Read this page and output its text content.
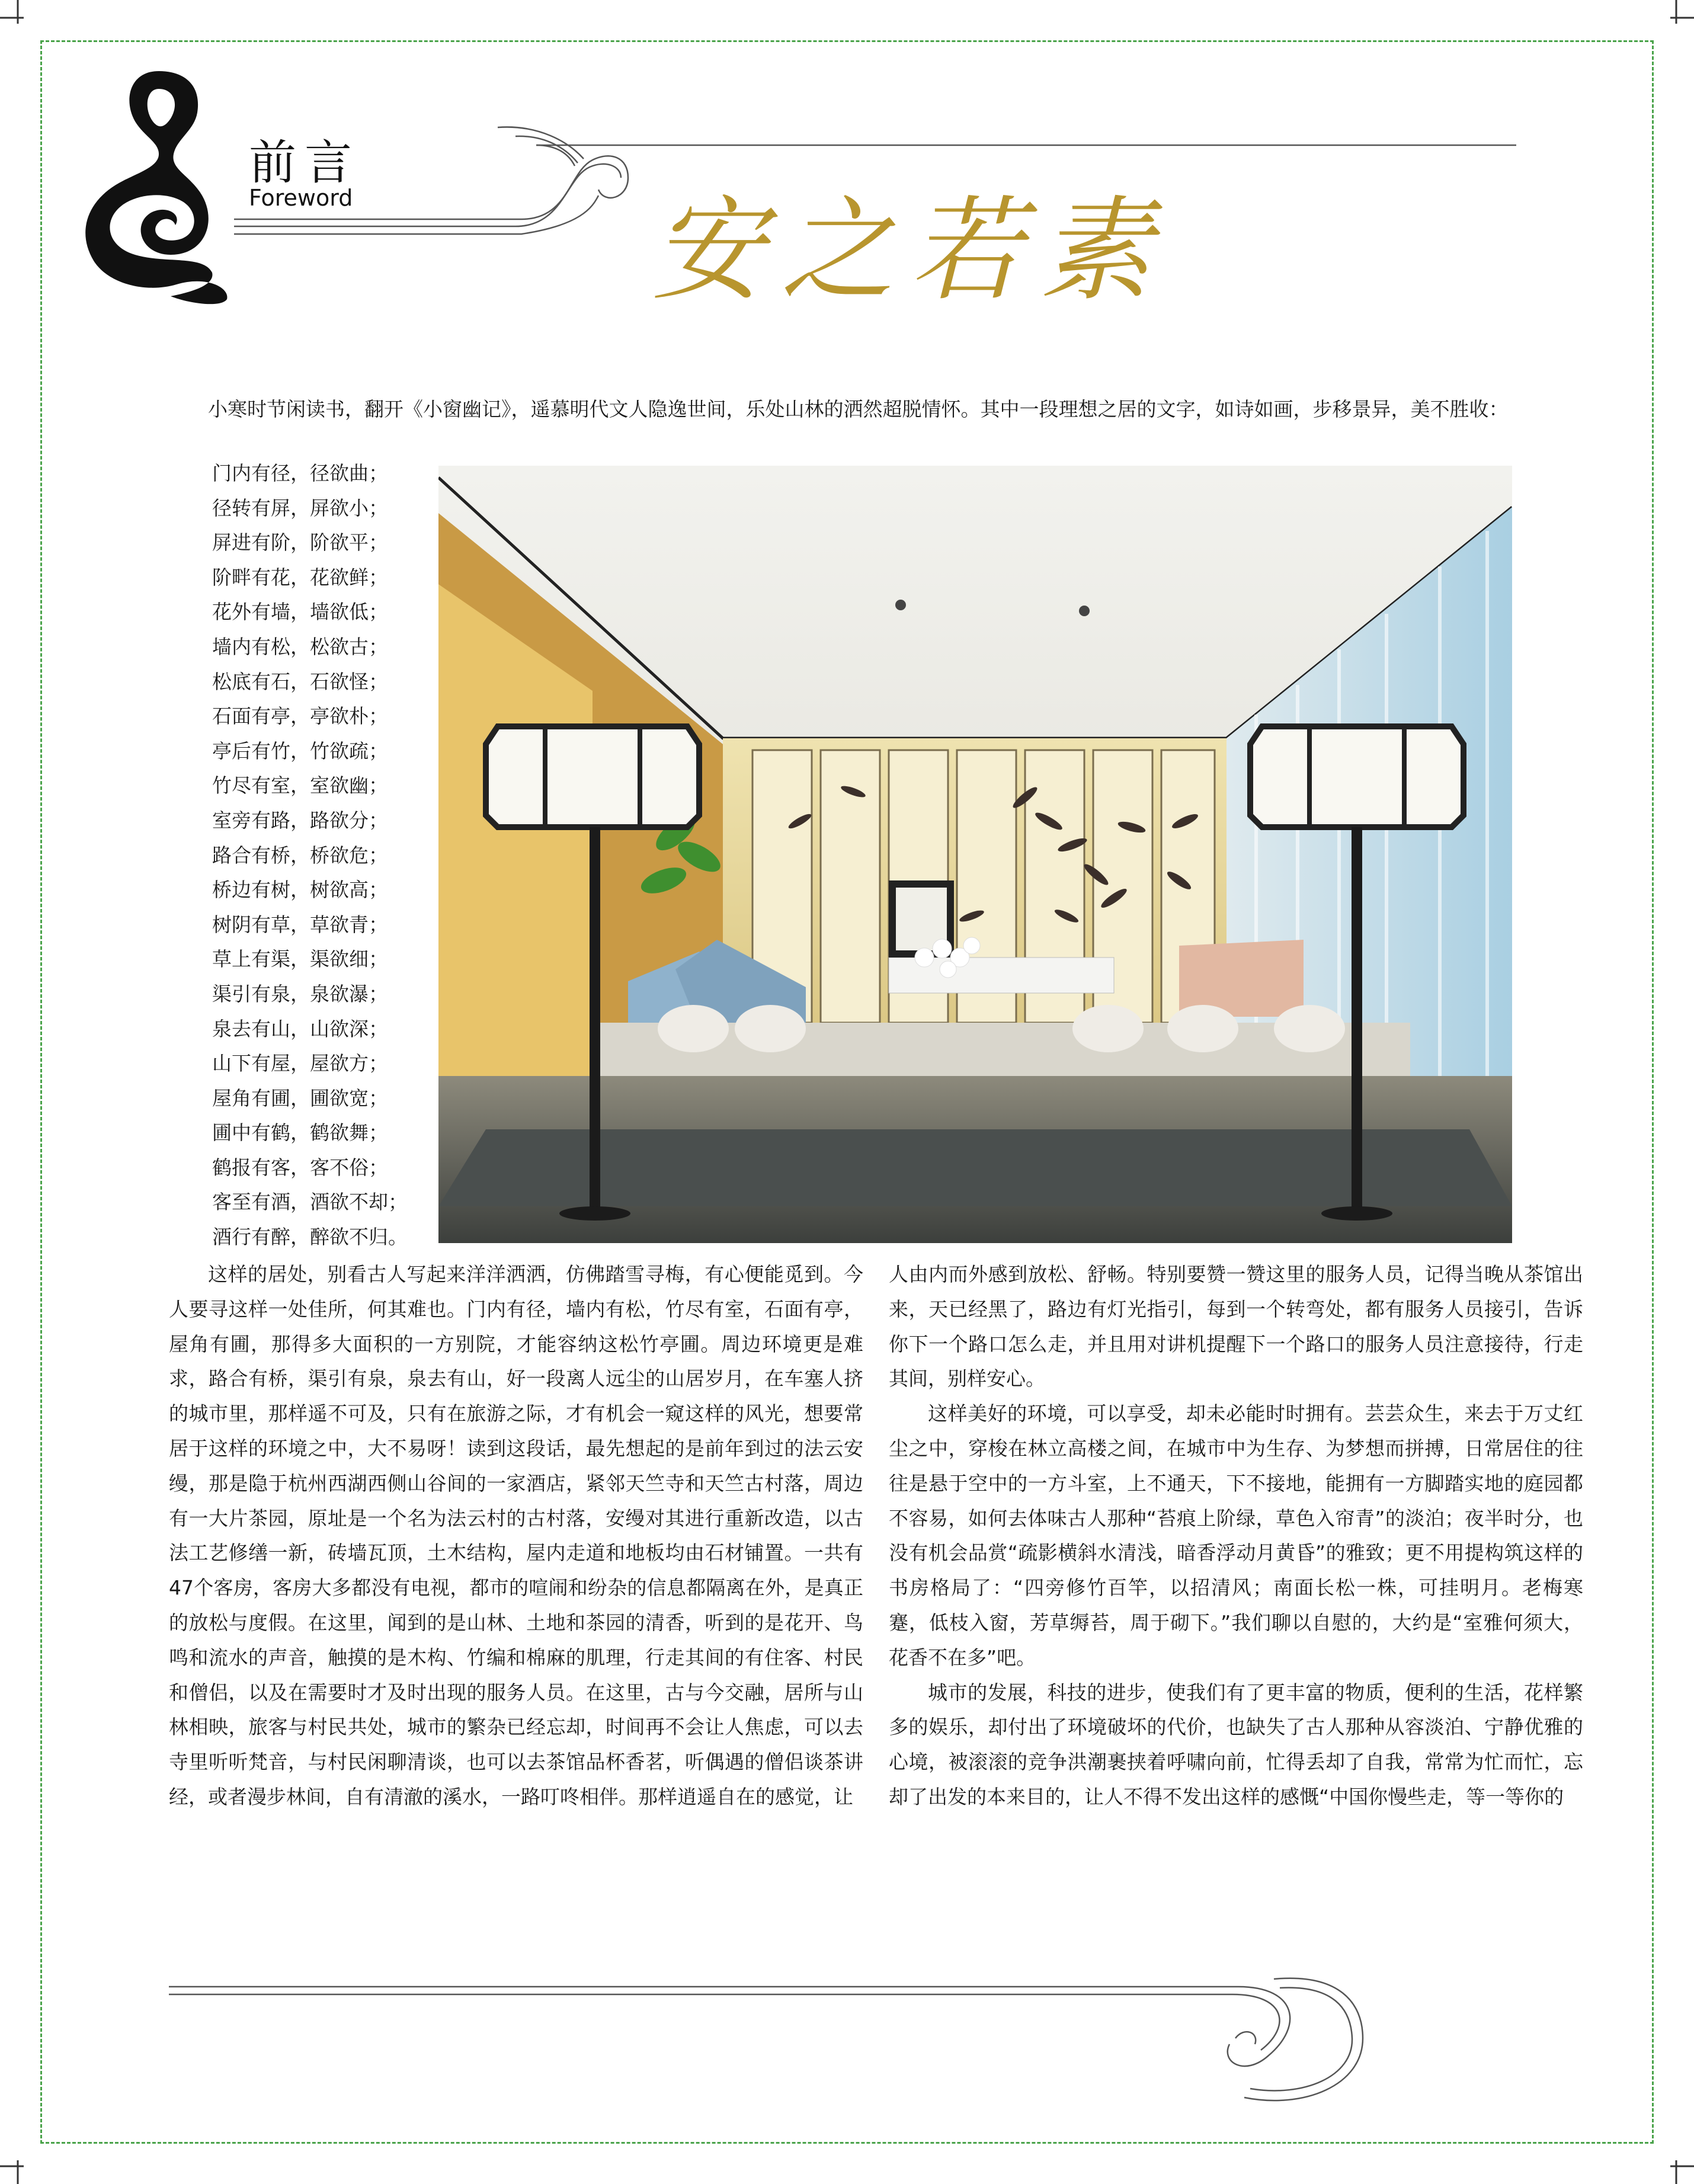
前言
Foreword	安之若素

小寒时节闲读书，翻开《小窗幽记》，遥慕明代文人隐逸世间，乐处山林的洒然超脱情怀。其中一段理想之居的文字，如诗如画，步移景异，美不胜收：

门内有径，径欲曲；
径转有屏，屏欲小；
屏进有阶，阶欲平；
阶畔有花，花欲鲜；
花外有墙，墙欲低；
墙内有松，松欲古；
松底有石，石欲怪；
石面有亭，亭欲朴；
亭后有竹，竹欲疏；
竹尽有室，室欲幽；
室旁有路，路欲分；
路合有桥，桥欲危；
桥边有树，树欲高；
树阴有草，草欲青；
草上有渠，渠欲细；
渠引有泉，泉欲瀑；
泉去有山，山欲深；
山下有屋，屋欲方；
屋角有圃，圃欲宽；
圃中有鹤，鹤欲舞；
鹤报有客，客不俗；
客至有酒，酒欲不却；
酒行有醉，醉欲不归。

这样的居处，别看古人写起来洋洋洒洒，仿佛踏雪寻梅，有心便能觅到。今人要寻这样一处佳所，何其难也。门内有径，墙内有松，竹尽有室，石面有亭，屋角有圃，那得多大面积的一方别院，才能容纳这松竹亭圃。周边环境更是难求，路合有桥，渠引有泉，泉去有山，好一段离人远尘的山居岁月，在车塞人挤的城市里，那样遥不可及，只有在旅游之际，才有机会一窥这样的风光，想要常居于这样的环境之中，大不易呀！读到这段话，最先想起的是前年到过的法云安缦，那是隐于杭州西湖西侧山谷间的一家酒店，紧邻天竺寺和天竺古村落，周边有一大片茶园，原址是一个名为法云村的古村落，安缦对其进行重新改造，以古法工艺修缮一新，砖墙瓦顶，土木结构，屋内走道和地板均由石材铺置。一共有47个客房，客房大多都没有电视，都市的喧闹和纷杂的信息都隔离在外，是真正的放松与度假。在这里，闻到的是山林、土地和茶园的清香，听到的是花开、鸟鸣和流水的声音，触摸的是木构、竹编和棉麻的肌理，行走其间的有住客、村民和僧侣，以及在需要时才及时出现的服务人员。在这里，古与今交融，居所与山林相映，旅客与村民共处，城市的繁杂已经忘却，时间再不会让人焦虑，可以去寺里听听梵音，与村民闲聊清谈，也可以去茶馆品杯香茗，听偶遇的僧侣谈茶讲经，或者漫步林间，自有清澈的溪水，一路叮咚相伴。那样逍遥自在的感觉，让

人由内而外感到放松、舒畅。特别要赞一赞这里的服务人员，记得当晚从茶馆出来，天已经黑了，路边有灯光指引，每到一个转弯处，都有服务人员接引，告诉你下一个路口怎么走，并且用对讲机提醒下一个路口的服务人员注意接待，行走其间，别样安心。

这样美好的环境，可以享受，却未必能时时拥有。芸芸众生，来去于万丈红尘之中，穿梭在林立高楼之间，在城市中为生存、为梦想而拼搏，日常居住的往往是悬于空中的一方斗室，上不通天，下不接地，能拥有一方脚踏实地的庭园都不容易，如何去体味古人那种“苔痕上阶绿，草色入帘青”的淡泊；夜半时分，也没有机会品赏“疏影横斜水清浅，暗香浮动月黄昏”的雅致；更不用提构筑这样的书房格局了：“四旁修竹百竿，以招清风；南面长松一株，可挂明月。老梅寒蹇，低枝入窗，芳草缛苔，周于砌下。”我们聊以自慰的，大约是“室雅何须大，花香不在多”吧。

城市的发展，科技的进步，使我们有了更丰富的物质，便利的生活，花样繁多的娱乐，却付出了环境破坏的代价，也缺失了古人那种从容淡泊、宁静优雅的心境，被滚滚的竞争洪潮裹挟着呼啸向前，忙得丢却了自我，常常为忙而忙，忘却了出发的本来目的，让人不得不发出这样的感慨“中国你慢些走，等一等你的
